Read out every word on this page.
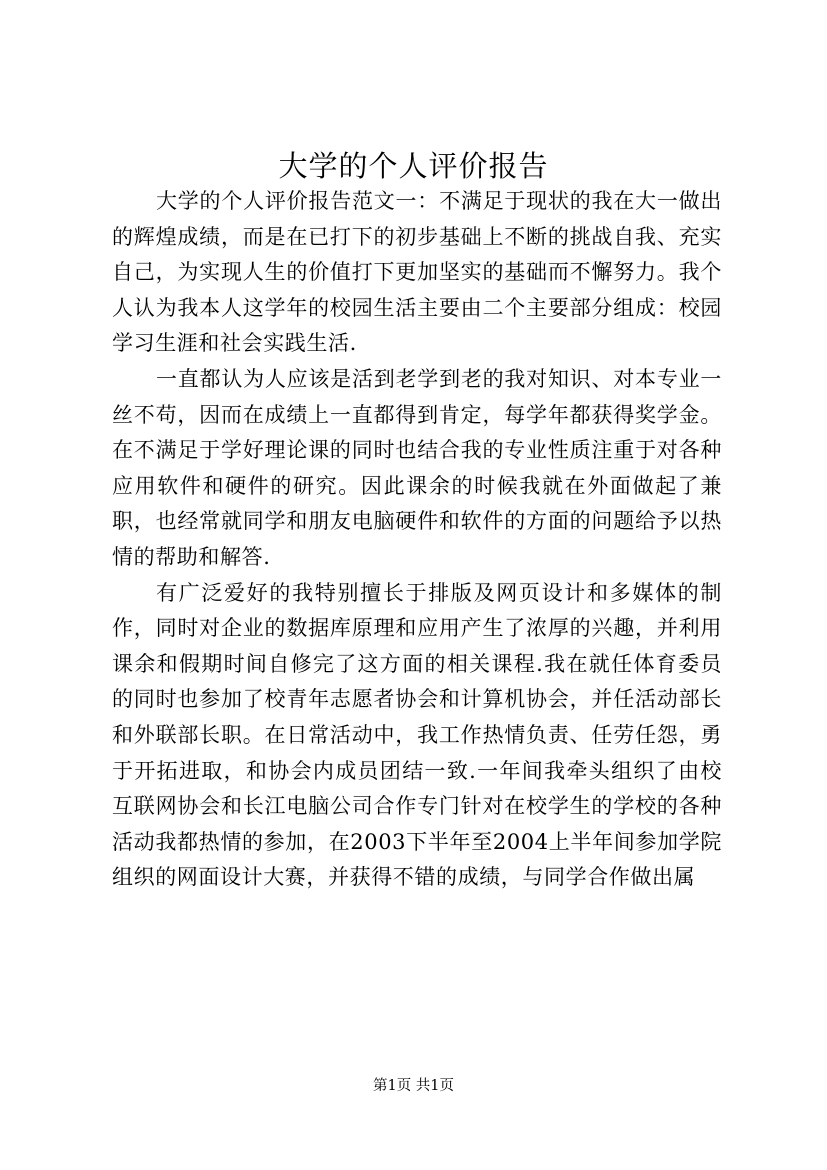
大学的个人评价报告

大学的个人评价报告范文一：不满足于现状的我在大一做出的辉煌成绩，而是在已打下的初步基础上不断的挑战自我、充实自己，为实现人生的价值打下更加坚实的基础而不懈努力。我个人认为我本人这学年的校园生活主要由二个主要部分组成：校园学习生涯和社会实践生活.

一直都认为人应该是活到老学到老的我对知识、对本专业一丝不苟，因而在成绩上一直都得到肯定，每学年都获得奖学金。在不满足于学好理论课的同时也结合我的专业性质注重于对各种应用软件和硬件的研究。因此课余的时候我就在外面做起了兼职，也经常就同学和朋友电脑硬件和软件的方面的问题给予以热情的帮助和解答.

有广泛爱好的我特别擅长于排版及网页设计和多媒体的制作，同时对企业的数据库原理和应用产生了浓厚的兴趣，并利用课余和假期时间自修完了这方面的相关课程.我在就任体育委员的同时也参加了校青年志愿者协会和计算机协会，并任活动部长和外联部长职。在日常活动中，我工作热情负责、任劳任怨，勇于开拓进取，和协会内成员团结一致.一年间我牵头组织了由校互联网协会和长江电脑公司合作专门针对在校学生的学校的各种活动我都热情的参加，在2003下半年至2004上半年间参加学院组织的网面设计大赛，并获得不错的成绩，与同学合作做出属

第1页 共1页
